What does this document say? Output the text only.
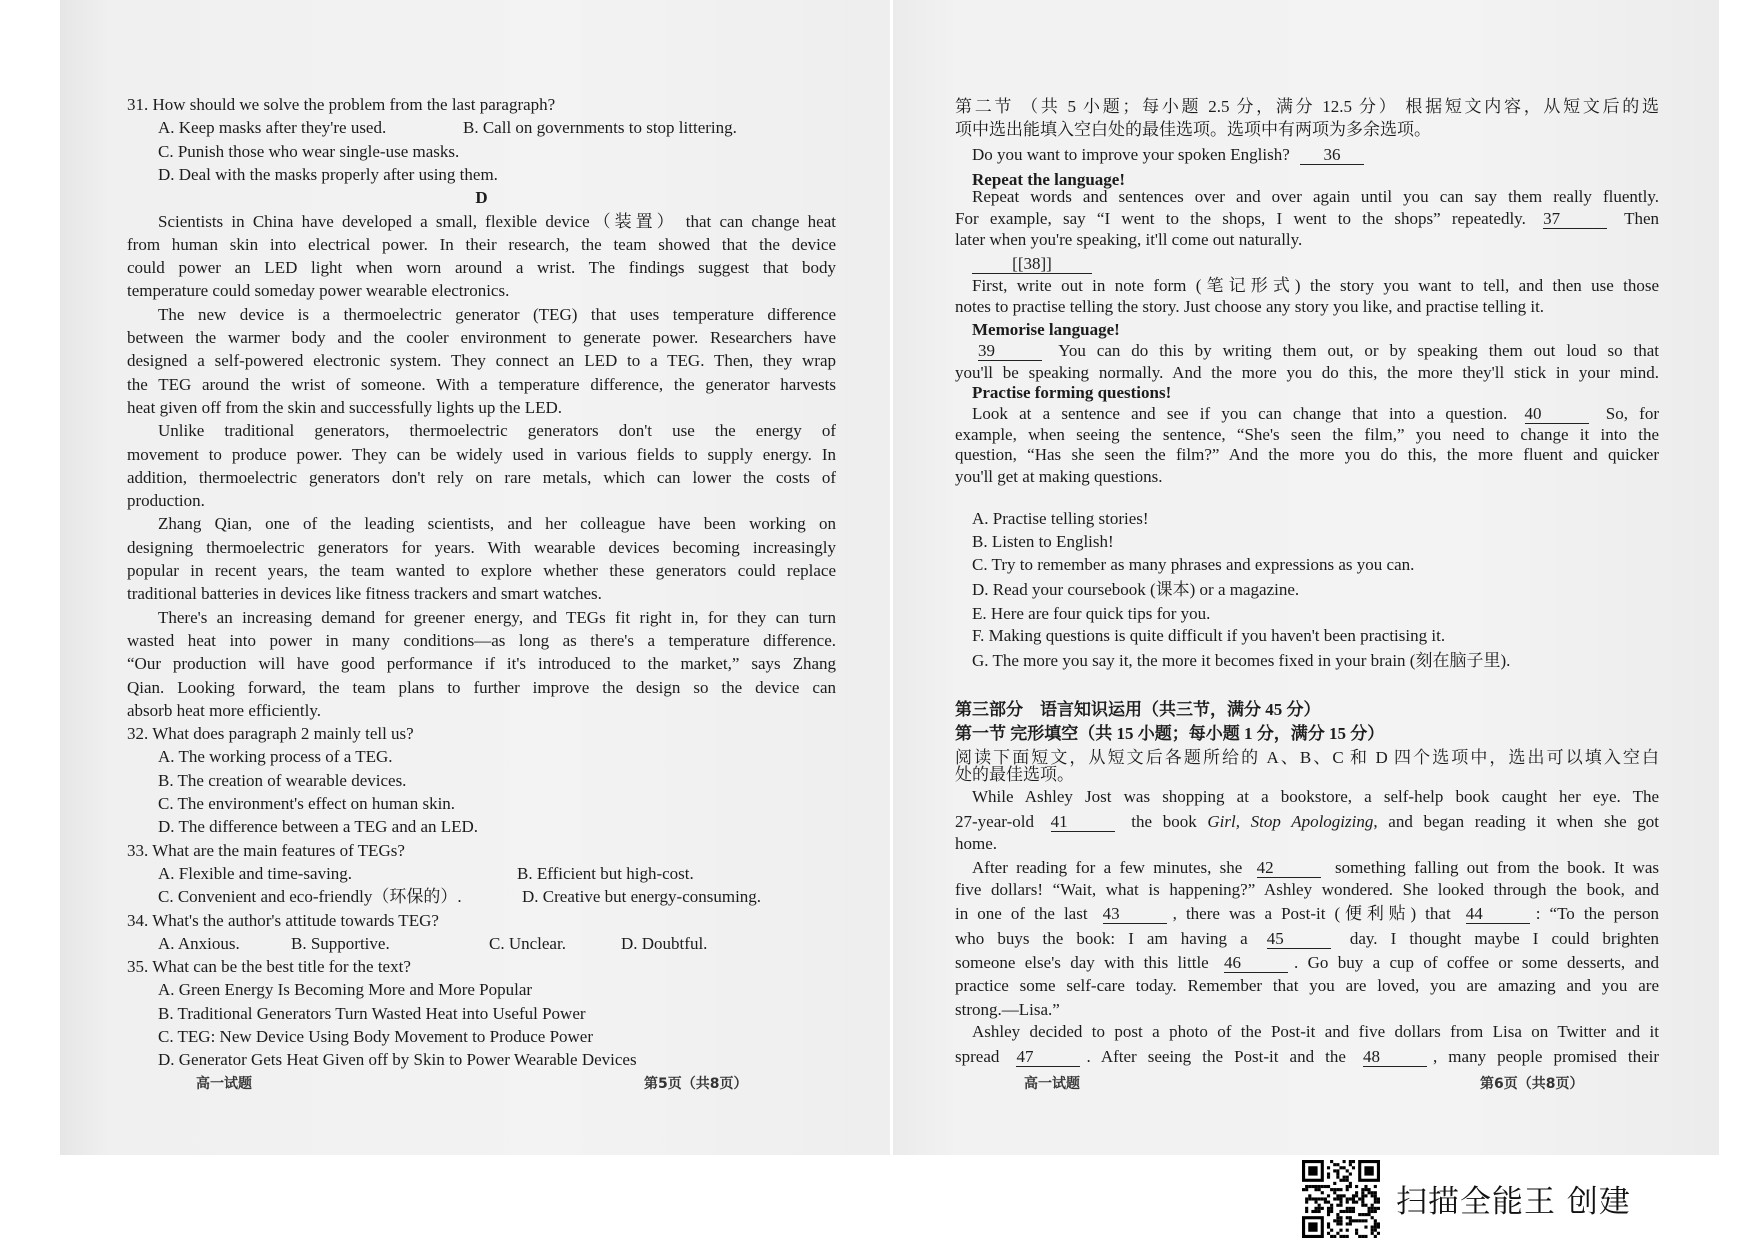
高一试题	第5页（共8页）	高一试题	第6页（共8页）
扫描全能王 创建
31. How should we solve the problem from the last paragraph?
A. Keep masks after they're used.	B. Call on governments to stop littering.
C. Punish those who wear single-use masks.
D. Deal with the masks properly after using them.
D
Scientists in China have developed a small, flexible device（装置） that can change heat
from human skin into electrical power. In their research, the team showed that the device
could power an LED light when worn around a wrist. The findings suggest that body
temperature could someday power wearable electronics.
The new device is a thermoelectric generator (TEG) that uses temperature difference
between the warmer body and the cooler environment to generate power. Researchers have
designed a self-powered electronic system. They connect an LED to a TEG. Then, they wrap
the TEG around the wrist of someone. With a temperature difference, the generator harvests
heat given off from the skin and successfully lights up the LED.
Unlike traditional generators, thermoelectric generators don't use the energy of
movement to produce power. They can be widely used in various fields to supply energy. In
addition, thermoelectric generators don't rely on rare metals, which can lower the costs of
production.
Zhang Qian, one of the leading scientists, and her colleague have been working on
designing thermoelectric generators for years. With wearable devices becoming increasingly
popular in recent years, the team wanted to explore whether these generators could replace
traditional batteries in devices like fitness trackers and smart watches.
There's an increasing demand for greener energy, and TEGs fit right in, for they can turn
wasted heat into power in many conditions—as long as there's a temperature difference.
“Our production will have good performance if it's introduced to the market,” says Zhang
Qian. Looking forward, the team plans to further improve the design so the device can
absorb heat more efficiently.
32. What does paragraph 2 mainly tell us?
A. The working process of a TEG.
B. The creation of wearable devices.
C. The environment's effect on human skin.
D. The difference between a TEG and an LED.
33. What are the main features of TEGs?
A. Flexible and time-saving.	B. Efficient but high-cost.
C. Convenient and eco-friendly（环保的）.	D. Creative but energy-consuming.
34. What's the author's attitude towards TEG?
A. Anxious.	B. Supportive.	C. Unclear.	D. Doubtful.
35. What can be the best title for the text?
A. Green Energy Is Becoming More and More Popular
B. Traditional Generators Turn Wasted Heat into Useful Power
C. TEG: New Device Using Body Movement to Produce Power
D. Generator Gets Heat Given off by Skin to Power Wearable Devices
第二节 （共 5 小题；每小题 2.5 分，满分 12.5 分） 根据短文内容，从短文后的选
项中选出能填入空白处的最佳选项。选项中有两项为多余选项。
Do you want to improve your spoken English? 36
Repeat the language!
Repeat words and sentences over and over again until you can say them really fluently.
For example, say “I went to the shops, I went to the shops” repeatedly. 37	Then
later when you're speaking, it'll come out naturally.
[[38]]
First, write out in note form (笔记形式) the story you want to tell, and then use those
notes to practise telling the story. Just choose any story you like, and practise telling it.
Memorise language!
39	You can do this by writing them out, or by speaking them out loud so that
you'll be speaking normally. And the more you do this, the more they'll stick in your mind.
Practise forming questions!
Look at a sentence and see if you can change that into a question. 40	So, for
example, when seeing the sentence, “She's seen the film,” you need to change it into the
question, “Has she seen the film?” And the more you do this, the more fluent and quicker
you'll get at making questions.
A. Practise telling stories!
B. Listen to English!
C. Try to remember as many phrases and expressions as you can.
D. Read your coursebook (课本) or a magazine.
E. Here are four quick tips for you.
F. Making questions is quite difficult if you haven't been practising it.
G. The more you say it, the more it becomes fixed in your brain (刻在脑子里).
第三部分　语言知识运用（共三节，满分 45 分）
第一节 完形填空（共 15 小题；每小题 1 分，满分 15 分）
阅读下面短文，从短文后各题所给的 A、B、C 和 D 四个选项中，选出可以填入空白
处的最佳选项。
While Ashley Jost was shopping at a bookstore, a self-help book caught her eye. The
27-year-old 41	the book Girl, Stop Apologizing, and began reading it when she got
home.
After reading for a few minutes, she 42	something falling out from the book. It was
five dollars! “Wait, what is happening?” Ashley wondered. She looked through the book, and
in one of the last 43	, there was a Post-it (便利贴) that 44	: “To the person
who buys the book: I am having a 45	day. I thought maybe I could brighten
someone else's day with this little 46	. Go buy a cup of coffee or some desserts, and
practice some self-care today. Remember that you are loved, you are amazing and you are
strong.—Lisa.”
Ashley decided to post a photo of the Post-it and five dollars from Lisa on Twitter and it
spread 47	. After seeing the Post-it and the 48	, many people promised their
